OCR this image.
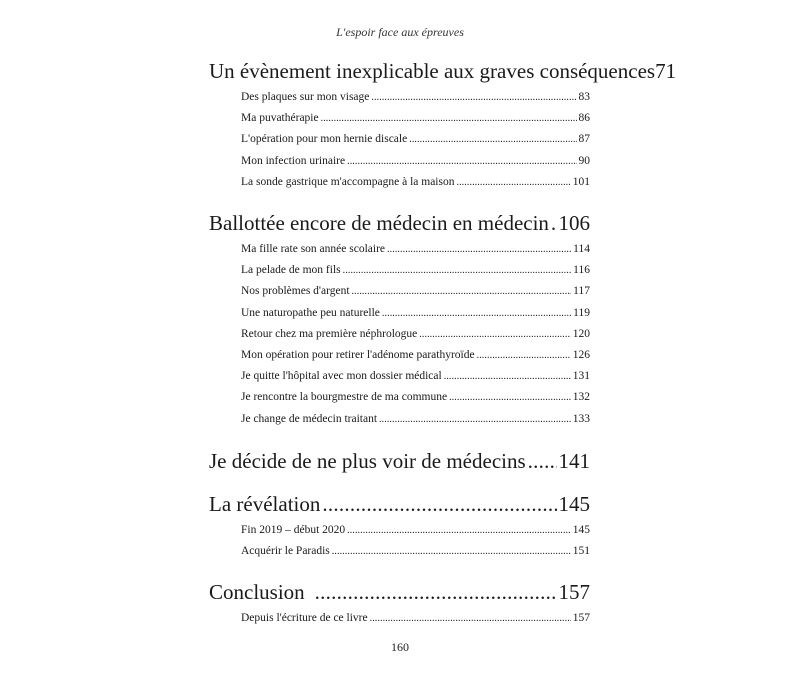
L'espoir face aux épreuves
Un évènement inexplicable aux graves conséquences 71
Des plaques sur mon visage . . .	83
Ma puvathérapie . . .	86
L'opération pour mon hernie discale . . .	87
Mon infection urinaire . . .	90
La sonde gastrique m'accompagne à la maison . . .	101
Ballottée encore de médecin en médecin . . . 106
Ma fille rate son année scolaire . . .	114
La pelade de mon fils . . .	116
Nos problèmes d'argent . . .	117
Une naturopathe peu naturelle . . .	119
Retour chez ma première néphrologue . . .	120
Mon opération pour retirer l'adénome parathyroïde . . .	126
Je quitte l'hôpital avec mon dossier médical . . .	131
Je rencontre la bourgmestre de ma commune . . .	132
Je change de médecin traitant . . .	133
Je décide de ne plus voir de médecins . . . 141
La révélation . . .	145
Fin 2019 – début 2020 . . .	145
Acquérir le Paradis . . .	151
Conclusion . . .	157
Depuis l'écriture de ce livre . . .	157
160
